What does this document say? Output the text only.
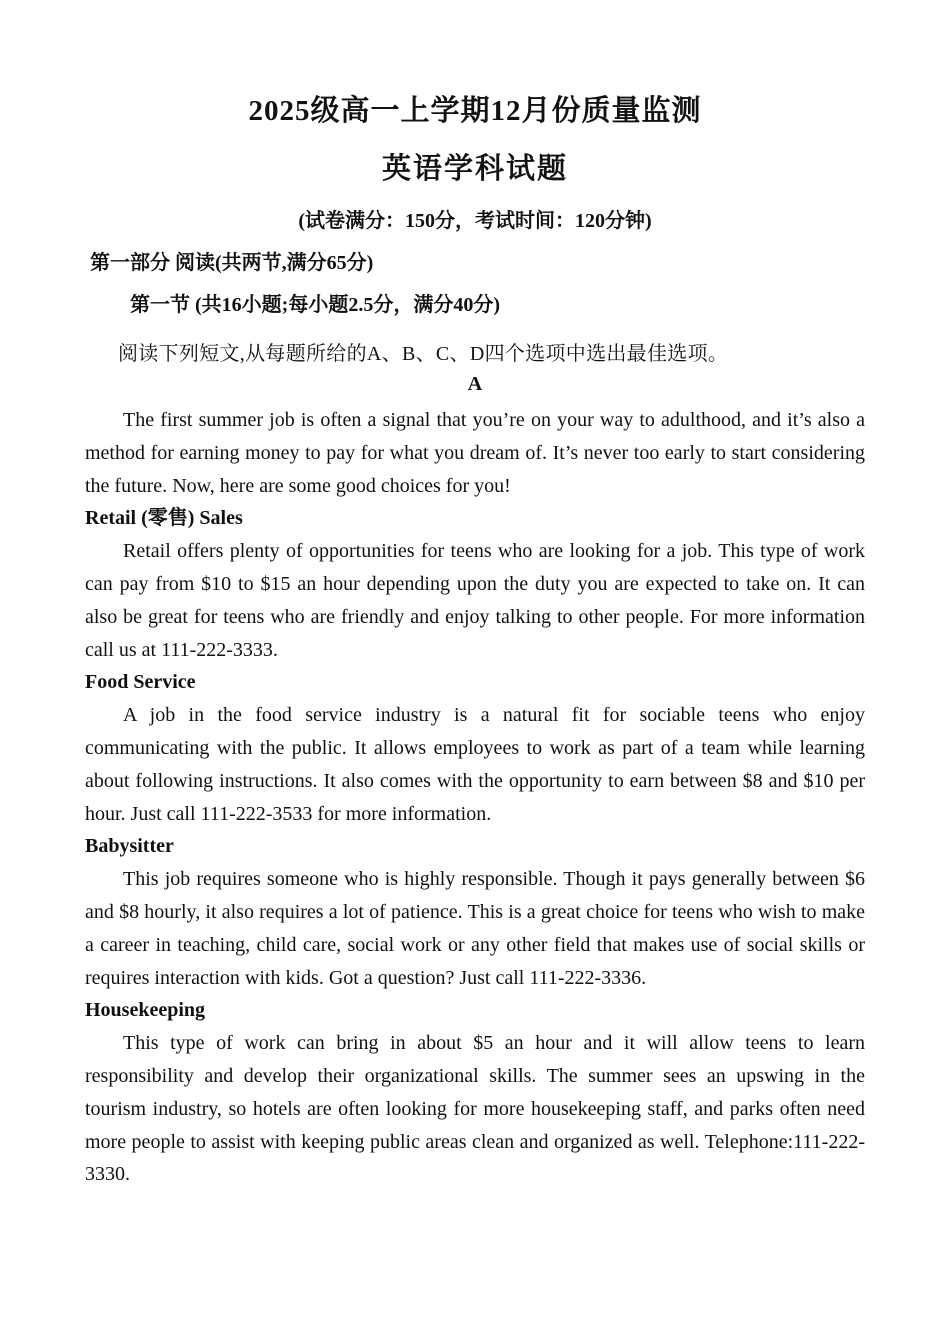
2025级高一上学期12月份质量监测
英语学科试题
(试卷满分：150分，考试时间：120分钟)
第一部分 阅读(共两节,满分65分)
第一节 (共16小题;每小题2.5分，满分40分)
阅读下列短文,从每题所给的A、B、C、D四个选项中选出最佳选项。
A

The first summer job is often a signal that you’re on your way to adulthood, and it’s also a method for earning money to pay for what you dream of. It’s never too early to start considering the future. Now, here are some good choices for you!

Retail (零售) Sales

Retail offers plenty of opportunities for teens who are looking for a job. This type of work can pay from $10 to $15 an hour depending upon the duty you are expected to take on. It can also be great for teens who are friendly and enjoy talking to other people. For more information call us at 111-222-3333.

Food Service

A job in the food service industry is a natural fit for sociable teens who enjoy communicating with the public. It allows employees to work as part of a team while learning about following instructions. It also comes with the opportunity to earn between $8 and $10 per hour. Just call 111-222-3533 for more information.

Babysitter

This job requires someone who is highly responsible. Though it pays generally between $6 and $8 hourly, it also requires a lot of patience. This is a great choice for teens who wish to make a career in teaching, child care, social work or any other field that makes use of social skills or requires interaction with kids. Got a question? Just call 111-222-3336.

Housekeeping

This type of work can bring in about $5 an hour and it will allow teens to learn responsibility and develop their organizational skills. The summer sees an upswing in the tourism industry, so hotels are often looking for more housekeeping staff, and parks often need more people to assist with keeping public areas clean and organized as well. Telephone:111-222-3330.
